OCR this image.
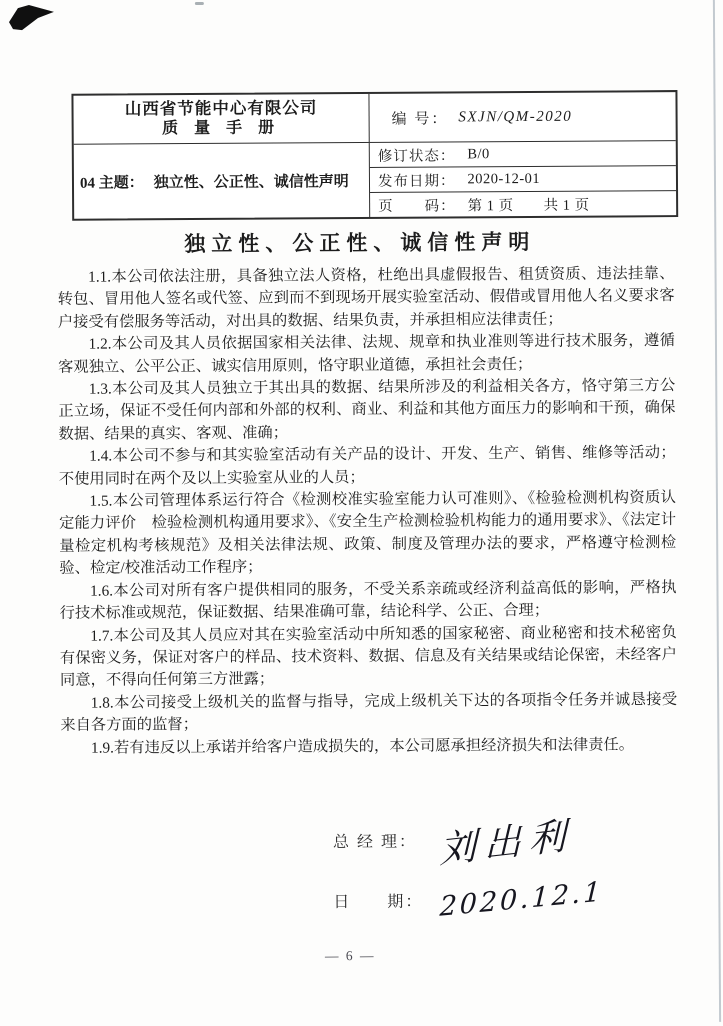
山西省节能中心有限公司
质 量 手 册
编 号： SXJN/QM-2020
04 主题： 独立性、公正性、诚信性声明
修订状态： B/0
发布日期： 2020-12-01
页　　码： 第 1 页　　共 1 页
独立性、公正性、诚信性声明

1.1.本公司依法注册，具备独立法人资格，杜绝出具虚假报告、租赁资质、违法挂靠、转包、冒用他人签名或代签、应到而不到现场开展实验室活动、假借或冒用他人名义要求客户接受有偿服务等活动，对出具的数据、结果负责，并承担相应法律责任；

1.2.本公司及其人员依据国家相关法律、法规、规章和执业准则等进行技术服务，遵循客观独立、公平公正、诚实信用原则，恪守职业道德，承担社会责任；

1.3.本公司及其人员独立于其出具的数据、结果所涉及的利益相关各方，恪守第三方公正立场，保证不受任何内部和外部的权利、商业、利益和其他方面压力的影响和干预，确保数据、结果的真实、客观、准确；

1.4.本公司不参与和其实验室活动有关产品的设计、开发、生产、销售、维修等活动；不使用同时在两个及以上实验室从业的人员；

1.5.本公司管理体系运行符合《检测校准实验室能力认可准则》、《检验检测机构资质认定能力评价　检验检测机构通用要求》、《安全生产检测检验机构能力的通用要求》、《法定计量检定机构考核规范》及相关法律法规、政策、制度及管理办法的要求，严格遵守检测检验、检定/校准活动工作程序；

1.6.本公司对所有客户提供相同的服务，不受关系亲疏或经济利益高低的影响，严格执行技术标准或规范，保证数据、结果准确可靠，结论科学、公正、合理；

1.7.本公司及其人员应对其在实验室活动中所知悉的国家秘密、商业秘密和技术秘密负有保密义务，保证对客户的样品、技术资料、数据、信息及有关结果或结论保密，未经客户同意，不得向任何第三方泄露；

1.8.本公司接受上级机关的监督与指导，完成上级机关下达的各项指令任务并诚恳接受来自各方面的监督；

1.9.若有违反以上承诺并给客户造成损失的，本公司愿承担经济损失和法律责任。

总 经 理： 刘出利
日　　期： 2020.12.1
— 6 —
